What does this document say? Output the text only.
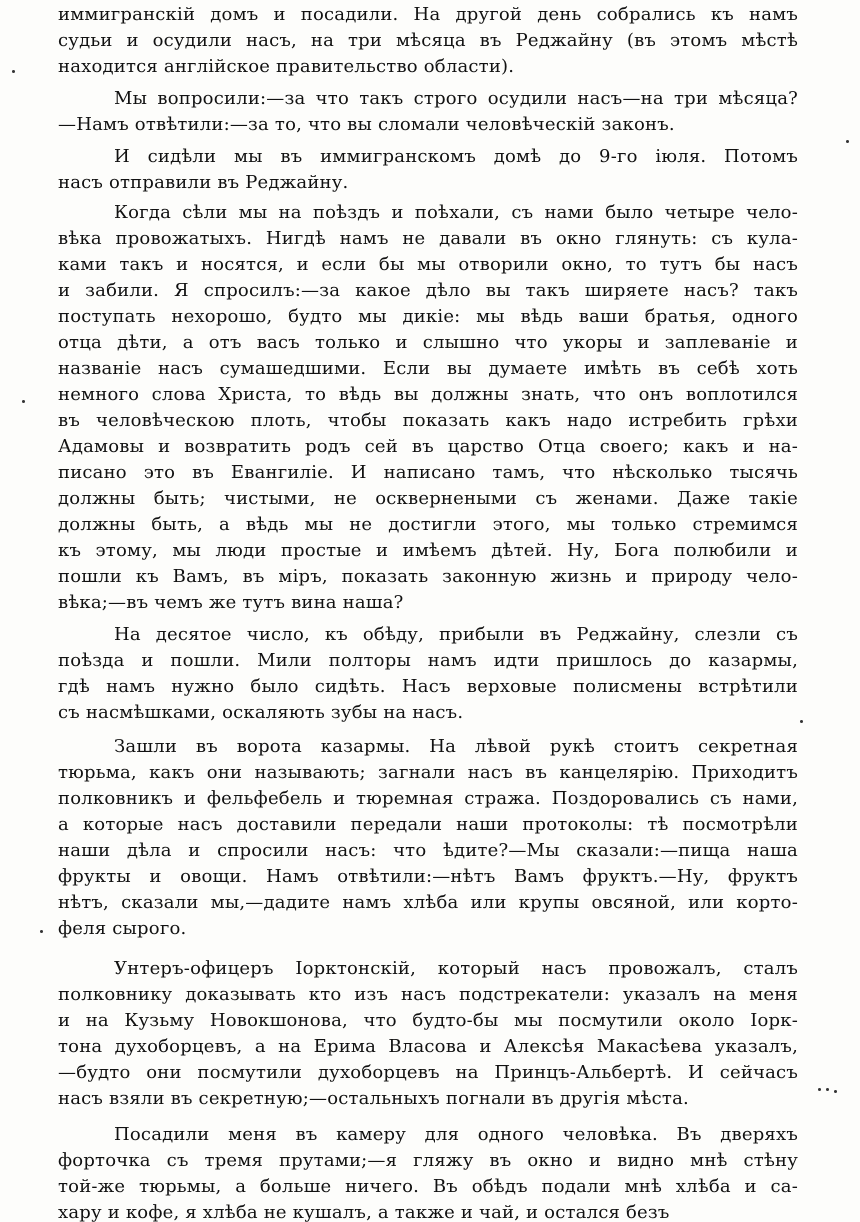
иммигранскій домъ и посадили. На другой день собрались къ намъ
судьи и осудили насъ, на три мѣсяца въ Реджайну (въ этомъ мѣстѣ
находится англійское правительство области).
Мы вопросили:—за что такъ строго осудили насъ—на три мѣсяца?
—Намъ отвѣтили:—за то, что вы сломали человѣческій законъ.
И сидѣли мы въ иммигранскомъ домѣ до 9-го іюля. Потомъ
насъ отправили въ Реджайну.
Когда сѣли мы на поѣздъ и поѣхали, съ нами было четыре чело-
вѣка провожатыхъ. Нигдѣ намъ не давали въ окно глянуть: съ кула-
ками такъ и носятся, и если бы мы отворили окно, то тутъ бы насъ
и забили. Я спросилъ:—за какое дѣло вы такъ ширяете насъ? такъ
поступать нехорошо, будто мы дикіе: мы вѣдь ваши братья, одного
отца дѣти, а отъ васъ только и слышно что укоры и заплеваніе и
названіе насъ сумашедшими. Если вы думаете имѣть въ себѣ хоть
немного слова Христа, то вѣдь вы должны знать, что онъ воплотился
въ человѣческою плоть, чтобы показать какъ надо истребить грѣхи
Адамовы и возвратить родъ сей въ царство Отца своего; какъ и на-
писано это въ Евангиліе. И написано тамъ, что нѣсколько тысячь
должны быть; чистыми, не осквернеными съ женами. Даже такіе
должны быть, а вѣдь мы не достигли этого, мы только стремимся
къ этому, мы люди простые и имѣемъ дѣтей. Ну, Бога полюбили и
пошли къ Вамъ, въ міръ, показать законную жизнь и природу чело-
вѣка;—въ чемъ же тутъ вина наша?
На десятое число, къ обѣду, прибыли въ Реджайну, слезли съ
поѣзда и пошли. Мили полторы намъ идти пришлось до казармы,
гдѣ намъ нужно было сидѣть. Насъ верховые полисмены встрѣтили
съ насмѣшками, оскаляють зубы на насъ.
Зашли въ ворота казармы. На лѣвой рукѣ стоитъ секретная
тюрьма, какъ они называють; загнали насъ въ канцелярію. Приходитъ
полковникъ и фельфебель и тюремная стража. Поздоровались съ нами,
а которые насъ доставили передали наши протоколы: тѣ посмотрѣли
наши дѣла и спросили насъ: что ѣдите?—Мы сказали:—пища наша
фрукты и овощи. Намъ отвѣтили:—нѣтъ Вамъ фруктъ.—Ну, фруктъ
нѣтъ, сказали мы,—дадите намъ хлѣба или крупы овсяной, или корто-
феля сырого.
Унтеръ-офицеръ Іорктонскій, который насъ провожалъ, сталъ
полковнику доказывать кто изъ насъ подстрекатели: указалъ на меня
и на Кузьму Новокшонова, что будто-бы мы посмутили около Іорк-
тона духоборцевъ, а на Ерима Власова и Алексѣя Макасѣева указалъ,
—будто они посмутили духоборцевъ на Принцъ-Альбертѣ. И сейчасъ
насъ взяли въ секретную;—остальныхъ погнали въ другія мѣста.
Посадили меня въ камеру для одного человѣка. Въ дверяхъ
форточка съ тремя прутами;—я гляжу въ окно и видно мнѣ стѣну
той-же тюрьмы, а больше ничего. Въ обѣдъ подали мнѣ хлѣба и са-
хару и кофе, я хлѣба не кушалъ, а также и чай, и остался безъ
